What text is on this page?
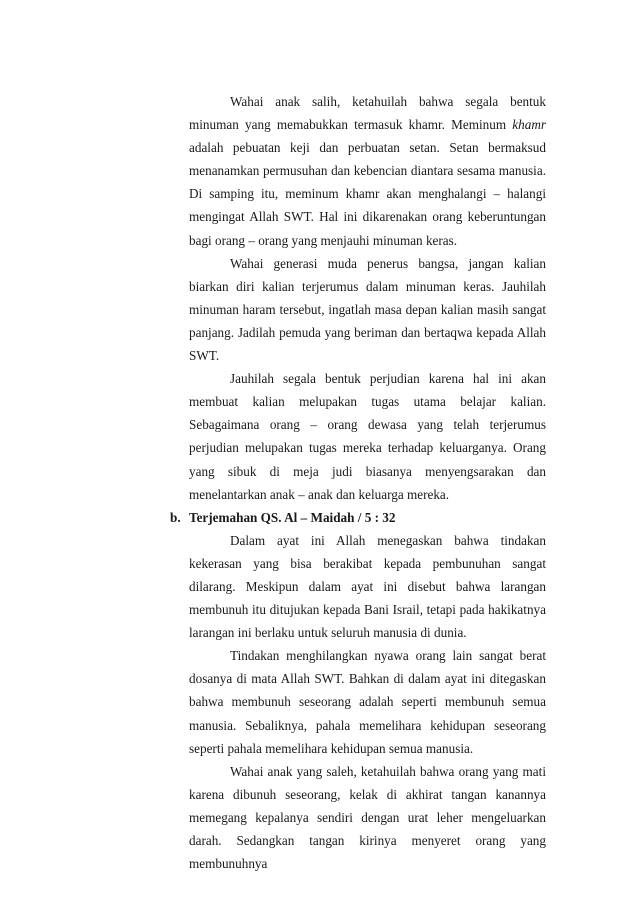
Wahai anak salih, ketahuilah bahwa segala bentuk minuman yang memabukkan termasuk khamr. Meminum khamr adalah pebuatan keji dan perbuatan setan. Setan bermaksud menanamkan permusuhan dan kebencian diantara sesama manusia. Di samping itu, meminum khamr akan menghalangi – halangi mengingat Allah SWT. Hal ini dikarenakan orang keberuntungan bagi orang – orang yang menjauhi minuman keras.

Wahai generasi muda penerus bangsa, jangan kalian biarkan diri kalian terjerumus dalam minuman keras. Jauhilah minuman haram tersebut, ingatlah masa depan kalian masih sangat panjang. Jadilah pemuda yang beriman dan bertaqwa kepada Allah SWT.

Jauhilah segala bentuk perjudian karena hal ini akan membuat kalian melupakan tugas utama belajar kalian. Sebagaimana orang – orang dewasa yang telah terjerumus perjudian melupakan tugas mereka terhadap keluarganya. Orang yang sibuk di meja judi biasanya menyengsarakan dan menelantarkan anak – anak dan keluarga mereka.

b. Terjemahan QS. Al – Maidah / 5 : 32

Dalam ayat ini Allah menegaskan bahwa tindakan kekerasan yang bisa berakibat kepada pembunuhan sangat dilarang. Meskipun dalam ayat ini disebut bahwa larangan membunuh itu ditujukan kepada Bani Israil, tetapi pada hakikatnya larangan ini berlaku untuk seluruh manusia di dunia.

Tindakan menghilangkan nyawa orang lain sangat berat dosanya di mata Allah SWT. Bahkan di dalam ayat ini ditegaskan bahwa membunuh seseorang adalah seperti membunuh semua manusia. Sebaliknya, pahala memelihara kehidupan seseorang seperti pahala memelihara kehidupan semua manusia.

Wahai anak yang saleh, ketahuilah bahwa orang yang mati karena dibunuh seseorang, kelak di akhirat tangan kanannya memegang kepalanya sendiri dengan urat leher mengeluarkan darah. Sedangkan tangan kirinya menyeret orang yang membunuhnya
